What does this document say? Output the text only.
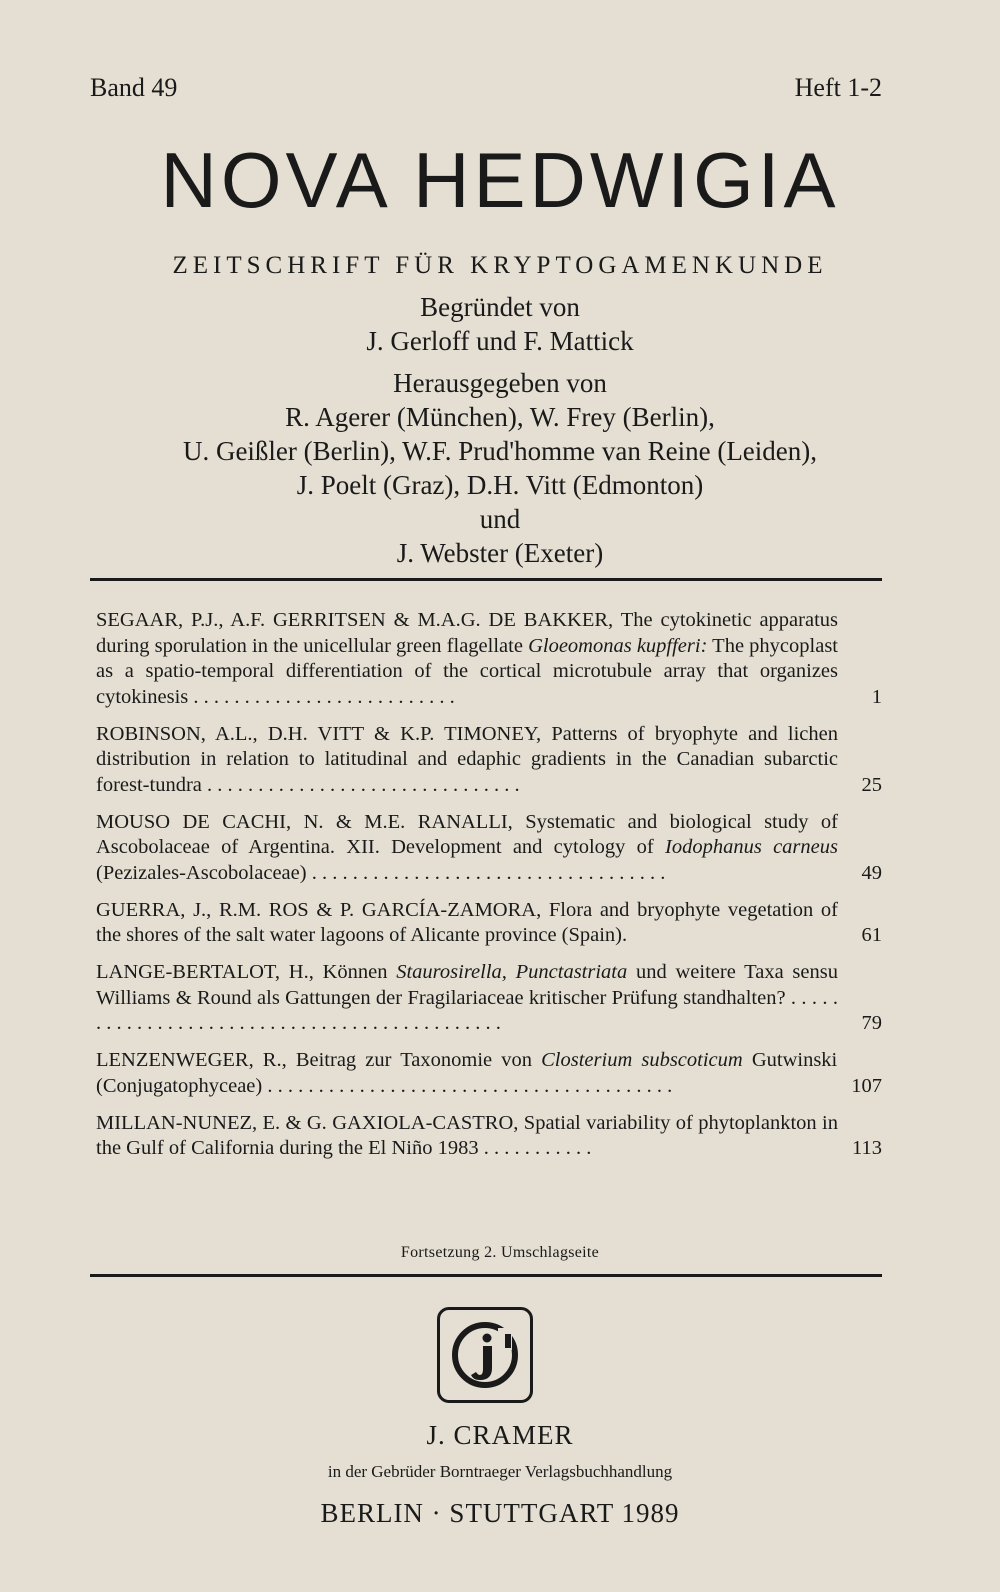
Band 49	Heft 1-2
NOVA HEDWIGIA
ZEITSCHRIFT FÜR KRYPTOGAMENKUNDE
Begründet von
J. Gerloff und F. Mattick
Herausgegeben von
R. Agerer (München), W. Frey (Berlin),
U. Geißler (Berlin), W.F. Prud'homme van Reine (Leiden),
J. Poelt (Graz), D.H. Vitt (Edmonton)
und
J. Webster (Exeter)
SEGAAR, P.J., A.F. GERRITSEN & M.A.G. DE BAKKER, The cytokinetic apparatus during sporulation in the unicellular green flagellate Gloeomonas kupfferi: The phycoplast as a spatio-temporal differentiation of the cortical microtubule array that organizes cytokinesis . . . . . . . . . . . . . . . . . . . . . . . . . .	1
ROBINSON, A.L., D.H. VITT & K.P. TIMONEY, Patterns of bryophyte and lichen distribution in relation to latitudinal and edaphic gradients in the Canadian subarctic forest-tundra . . . . . . . . . . . . . . . . . . . . . . . . . . . . . . .	25
MOUSO DE CACHI, N. & M.E. RANALLI, Systematic and biological study of Ascobolaceae of Argentina. XII. Development and cytology of Iodophanus carneus (Pezizales-Ascobolaceae) . . . . . . . . . . . . . . . . . . . . . . . . . . . . . . . . . . .	49
GUERRA, J., R.M. ROS & P. GARCÍA-ZAMORA, Flora and bryophyte vegetation of the shores of the salt water lagoons of Alicante province (Spain).	61
LANGE-BERTALOT, H., Können Staurosirella, Punctastriata und weitere Taxa sensu Williams & Round als Gattungen der Fragilariaceae kritischer Prüfung standhalten? . . . . . . . . . . . . . . . . . . . . . . . . . . . . . . . . . . . . . . . . . . . . .	79
LENZENWEGER, R., Beitrag zur Taxonomie von Closterium subscoticum Gutwinski (Conjugatophyceae) . . . . . . . . . . . . . . . . . . . . . . . . . . . . . . . . . . . . . . . .	107
MILLAN-NUNEZ, E. & G. GAXIOLA-CASTRO, Spatial variability of phytoplankton in the Gulf of California during the El Niño 1983 . . . . . . . . . . .	113
Fortsetzung 2. Umschlagseite
J. CRAMER
in der Gebrüder Borntraeger Verlagsbuchhandlung
BERLIN · STUTTGART 1989
